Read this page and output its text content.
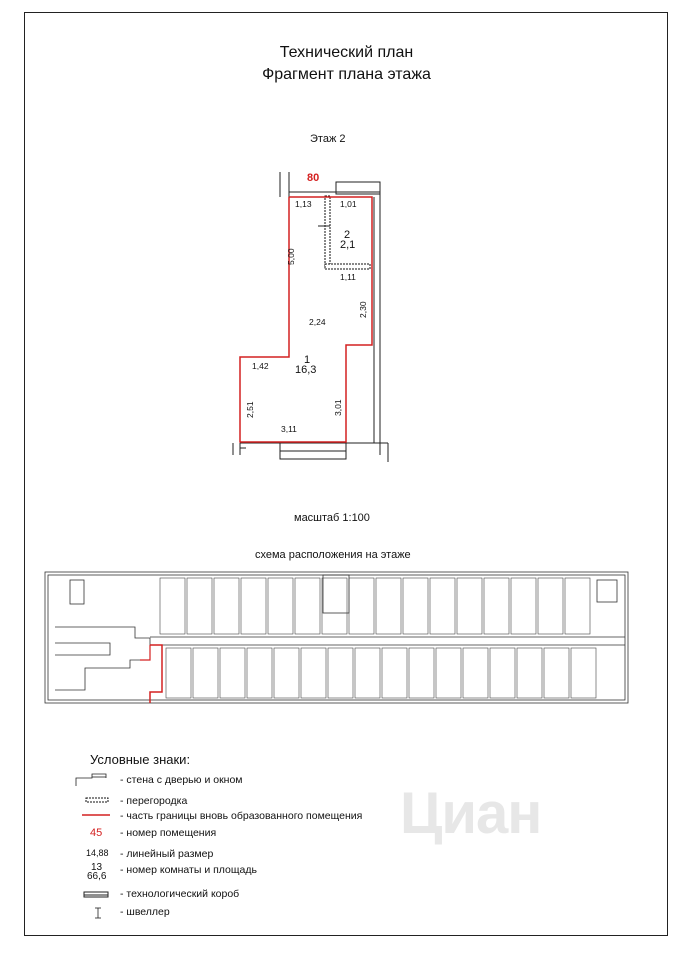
Технический план
Фрагмент плана этажа
Этаж 2
80
1,13	1,01
5,00
1,11
2,30
2,24
1,42
2,51	3,01
3,11
2
2,1
1
16,3
масштаб 1:100
схема расположения на этаже
Условные знаки:
45
14,88
13
66,6
- стена с дверью и окном
- перегородка
- часть границы вновь образованного помещения
- номер помещения
- линейный размер
- номер комнаты и площадь
- технологический короб
- швеллер
Циан
